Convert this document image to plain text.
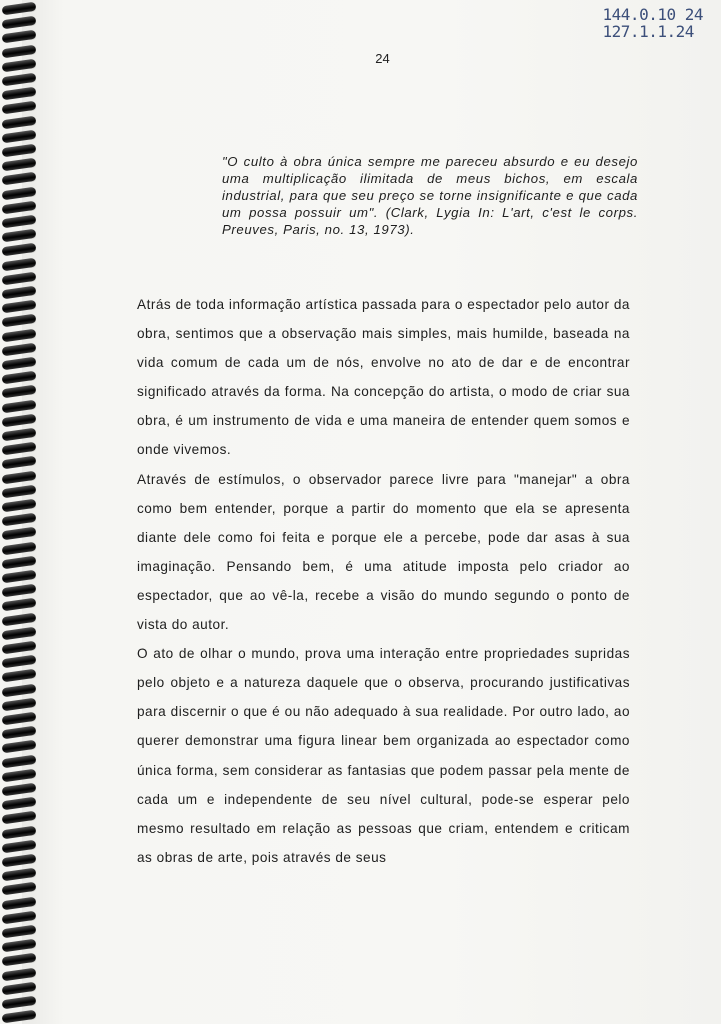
144.0.10 24
127.1.1.24
24
"O culto à obra única sempre me pareceu absurdo e eu desejo uma multiplicação ilimitada de meus bichos, em escala industrial, para que seu preço se torne insignificante e que cada um possa possuir um". (Clark, Lygia In: L'art, c'est le corps. Preuves, Paris, no. 13, 1973).

Atrás de toda informação artística passada para o espectador pelo autor da obra, sentimos que a observação mais simples, mais humilde, baseada na vida comum de cada um de nós, envolve no ato de dar e de encontrar significado através da forma. Na concepção do artista, o modo de criar sua obra, é um instrumento de vida e uma maneira de entender quem somos e onde vivemos.

Através de estímulos, o observador parece livre para "manejar" a obra como bem entender, porque a partir do momento que ela se apresenta diante dele como foi feita e porque ele a percebe, pode dar asas à sua imaginação. Pensando bem, é uma atitude imposta pelo criador ao espectador, que ao vê-la, recebe a visão do mundo segundo o ponto de vista do autor.

O ato de olhar o mundo, prova uma interação entre propriedades supridas pelo objeto e a natureza daquele que o observa, procurando justificativas para discernir o que é ou não adequado à sua realidade. Por outro lado, ao querer demonstrar uma figura linear bem organizada ao espectador como única forma, sem considerar as fantasias que podem passar pela mente de cada um e independente de seu nível cultural, pode-se esperar pelo mesmo resultado em relação as pessoas que criam, entendem e criticam as obras de arte, pois através de seus
